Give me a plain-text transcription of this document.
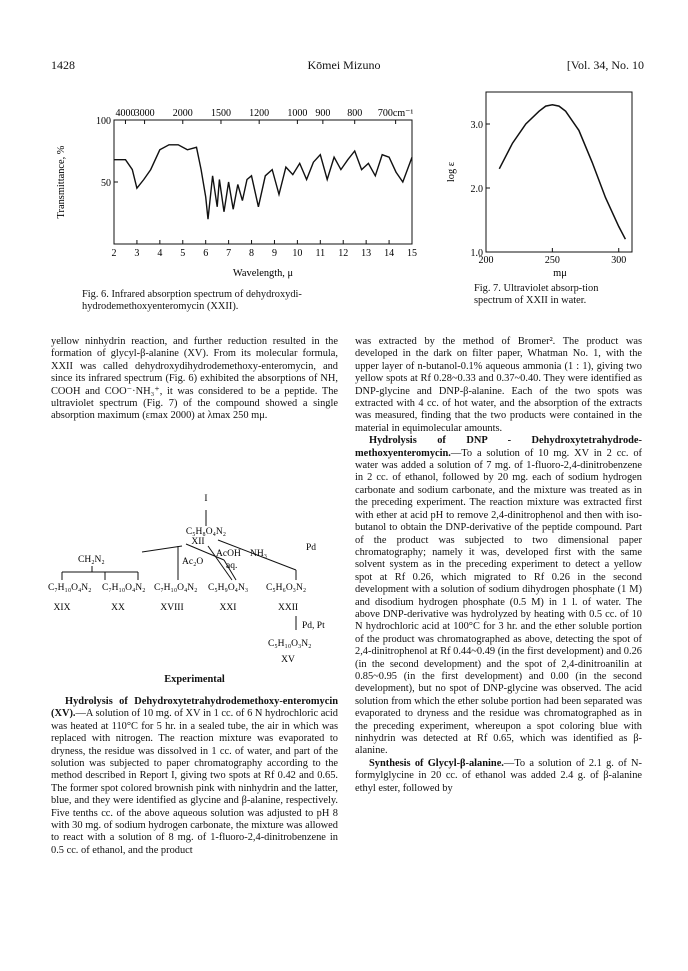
1428	Kōmei Mizuno	[Vol. 34, No. 10
4000 3000 2000 1500 1200 1000 900 800 700cm⁻¹
2 3 4 5 6 7 8 9 10 11 12 13 14 15
100
50
Transmittance, %
Wavelength, μ
1.0
2.0
3.0
200	250	300
log ε
mμ
Fig. 6. Infrared absorption spectrum of dehydroxydi-hydrodemethoxyenteromycin (XXII).
Fig. 7. Ultraviolet absorp-tion spectrum of XXII in water.

yellow ninhydrin reaction, and further reduction resulted in the formation of glycyl-β-alanine (XV). From its molecular formula, XXII was called dehydroxydihydrodemethoxy-enteromycin, and since its infrared spectrum (Fig. 6) exhibited the absorptions of NH, COOH and COO⁻·NH₃⁺, it was considered to be a peptide. The ultraviolet spectrum (Fig. 7) of the compound showed a single absorption maximum (εmax 2000) at λmax 250 mμ.

I
C₅H₈O₄N₂
XII
CH₂N₂	Ac₂O
AcOH NH₃
aq.
Pd
C₇H₁₀O₄N₂ C₇H₁₀O₄N₂ C₇H₁₀O₄N₂ C₅H₉O₄N₃ C₅H₆O₃N₂
XIX	XX	XVIII	XXI	XXII
Pd, Pt
C₅H₁₀O₃N₂
XV
Experimental

Hydrolysis of Dehydroxytetrahydrodemethoxy-enteromycin (XV).—A solution of 10 mg. of XV in 1 cc. of 6 N hydrochloric acid was heated at 110°C for 5 hr. in a sealed tube, the air in which was replaced with nitrogen. The reaction mixture was evaporated to dryness, the residue was dissolved in 1 cc. of water, and part of the solution was subjected to paper chromatography according to the method described in Report I, giving two spots at Rf 0.42 and 0.65. The former spot colored brownish pink with ninhydrin and the latter, blue, and they were identified as glycine and β-alanine, respectively. Five tenths cc. of the above aqueous solution was adjusted to pH 8 with 30 mg. of sodium hydrogen carbonate, the mixture was allowed to react with a solution of 8 mg. of 1-fluoro-2,4-dinitrobenzene in 0.5 cc. of ethanol, and the product

was extracted by the method of Bromer². The product was developed in the dark on filter paper, Whatman No. 1, with the upper layer of n-butanol-0.1% aqueous ammonia (1 : 1), giving two yellow spots at Rf 0.28~0.33 and 0.37~0.40. They were identified as DNP-glycine and DNP-β-alanine. Each of the two spots was extracted with 4 cc. of hot water, and the absorption of the extracts was measured, finding that the two products were contained in the material in equimolecular amounts.

Hydrolysis of DNP - Dehydroxytetrahydrode-methoxyenteromycin.—To a solution of 10 mg. XV in 2 cc. of water was added a solution of 7 mg. of 1-fluoro-2,4-dinitrobenzene in 2 cc. of ethanol, followed by 20 mg. each of sodium hydrogen carbonate and sodium carbonate, and the mixture was treated as in the preceding experiment. The reaction mixture was extracted first with ether at acid pH to remove 2,4-dinitrophenol and then with iso-butanol to obtain the DNP-derivative of the peptide compound. Part of the product was subjected to two dimensional paper chromatography; namely it was, developed first with the same solvent system as in the preceding experiment to detect a yellow spot at Rf 0.26, which migrated to Rf 0.26 in the second development with a solution of sodium dihydrogen phosphate (1 M) and disodium hydrogen phosphate (0.5 M) in 1 l. of water. The above DNP-derivative was hydrolyzed by heating with 0.5 cc. of 10 N hydrochloric acid at 100°C for 3 hr. and the ether soluble portion of the product was chromatographed as above, detecting the spot of 2,4-dinitrophenol at Rf 0.44~0.49 (in the first development) and 0.26 (in the second development) and the spot of 2,4-dinitroanilin at 0.85~0.95 (in the first development) and 0.00 (in the second development), but no spot of DNP-glycine was observed. The acid solution from which the ether solube portion had been separated was evaporated to dryness and the residue was chromatographed as in the preceding experiment, whereupon a spot coloring blue with ninhydrin was detected at Rf 0.65, which was identified as β-alanine.

Synthesis of Glycyl-β-alanine.—To a solution of 2.1 g. of N-formylglycine in 20 cc. of ethanol was added 2.4 g. of β-alanine ethyl ester, followed by
